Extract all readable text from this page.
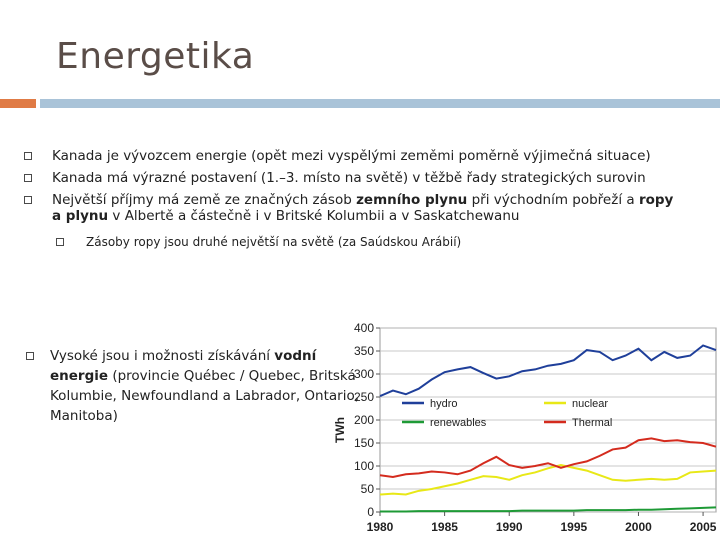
Energetika
Kanada je vývozcem energie (opět mezi vyspělými zeměmi poměrně výjimečná situace)
Kanada má výrazné postavení (1.–3. místo na světě) v těžbě řady strategických surovin
Největší příjmy má země ze značných zásob zemního plynu při východním pobřeží a ropy a plynu v Albertě a částečně i v Britské Kolumbii a v Saskatchewanu
Zásoby ropy jsou druhé největší na světě (za Saúdskou Arábií)
Vysoké jsou i možnosti získávání vodní energie (provincie Québec / Quebec, Britská Kolumbie, Newfoundland a Labrador, Ontario, Manitoba)
0
50
100
150
200
250
300
350
400
1980	1985	1990	1995	2000	2005
TWh
hydro	nuclear
renewables	Thermal
